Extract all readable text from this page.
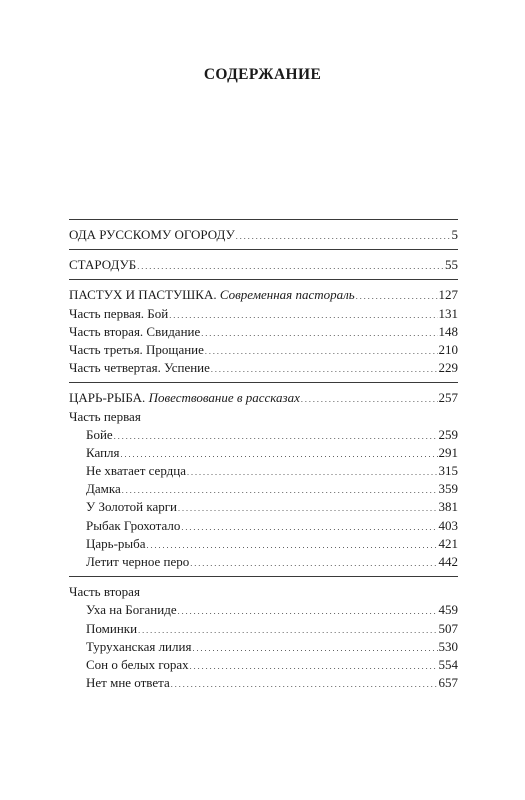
СОДЕРЖАНИЕ
ОДА РУССКОМУ ОГОРОДУ . . .	5
СТАРОДУБ . . .	55
ПАСТУХ И ПАСТУШКА. Современная пастораль . . .	127
Часть первая. Бой . . .	131
Часть вторая. Свидание . . .	148
Часть третья. Прощание . . .	210
Часть четвертая. Успение . . .	229
ЦАРЬ-РЫБА. Повествование в рассказах . . .	257
Часть первая
Бойе . . .	259
Капля . . .	291
Не хватает сердца . . .	315
Дамка . . .	359
У Золотой карги . . .	381
Рыбак Грохотало . . .	403
Царь-рыба . . .	421
Летит черное перо . . .	442
Часть вторая
Уха на Боганиде . . .	459
Поминки . . .	507
Туруханская лилия . . .	530
Сон о белых горах . . .	554
Нет мне ответа . . .	657
